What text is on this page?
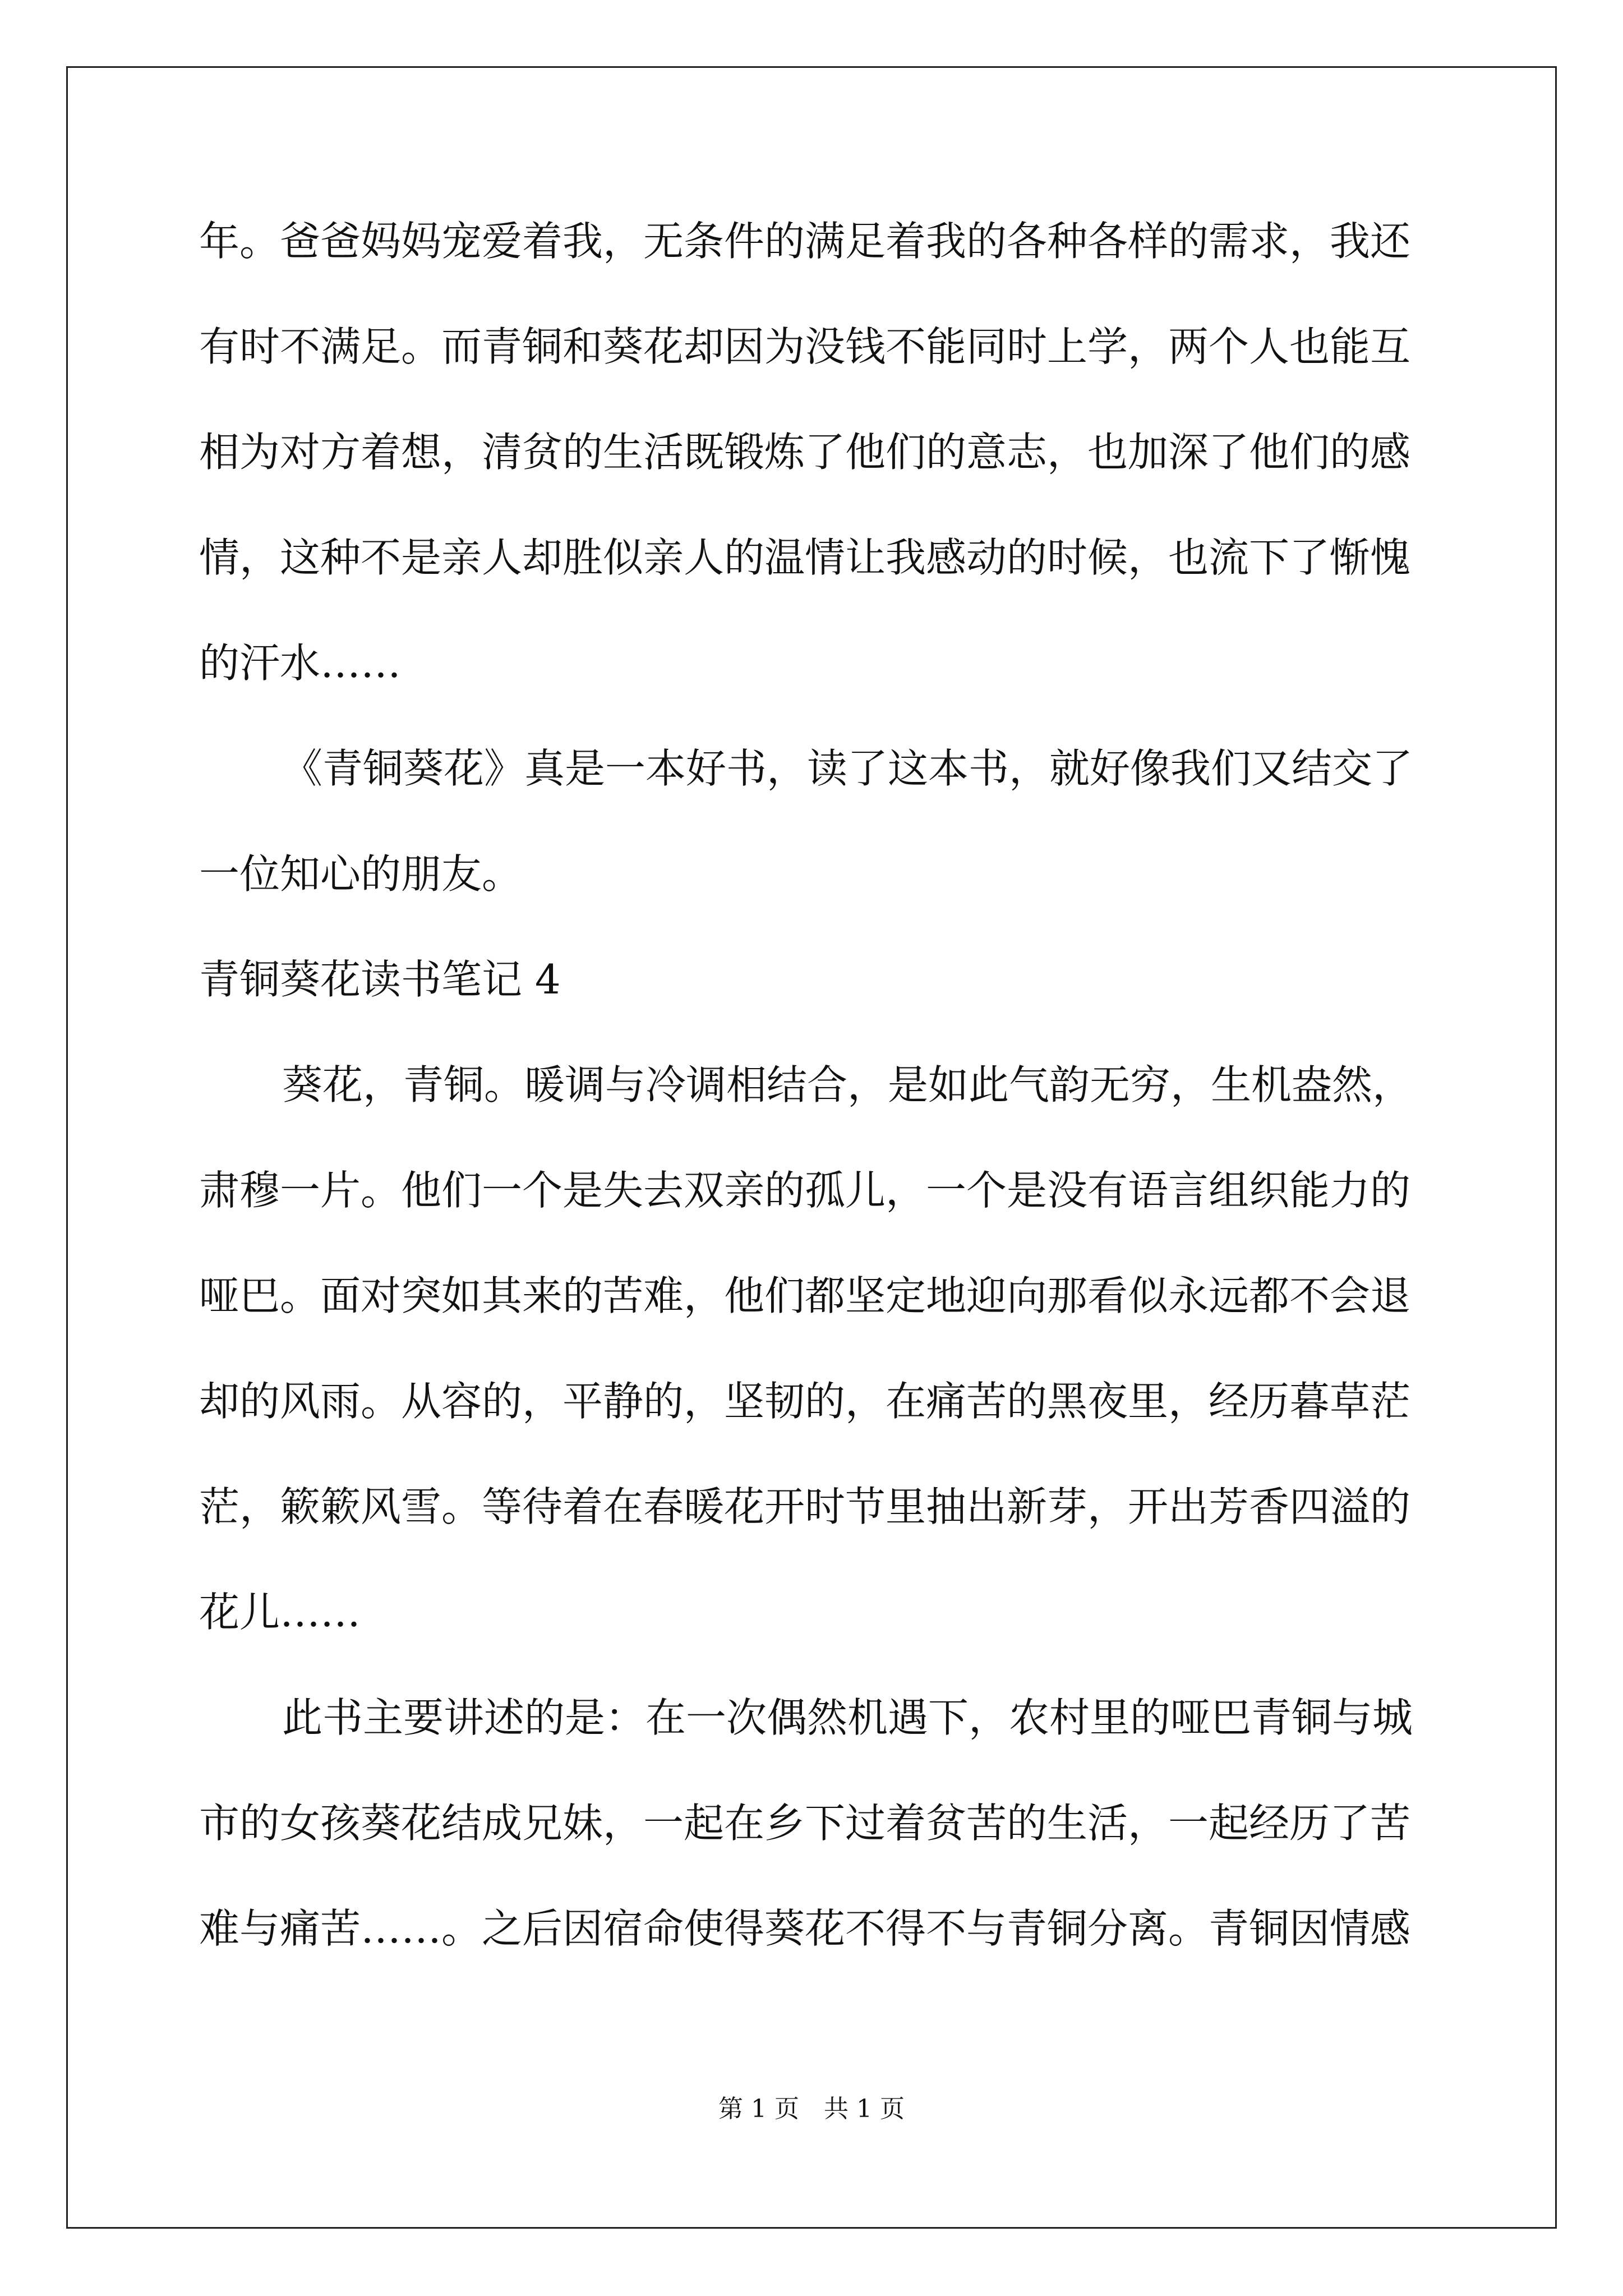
年。爸爸妈妈宠爱着我，无条件的满足着我的各种各样的需求，我还
有时不满足。而青铜和葵花却因为没钱不能同时上学，两个人也能互
相为对方着想，清贫的生活既锻炼了他们的意志，也加深了他们的感
情，这种不是亲人却胜似亲人的温情让我感动的时候，也流下了惭愧
的汗水……
《青铜葵花》真是一本好书，读了这本书，就好像我们又结交了
一位知心的朋友。
青铜葵花读书笔记 4
葵花，青铜。暖调与冷调相结合，是如此气韵无穷，生机盎然，
肃穆一片。他们一个是失去双亲的孤儿，一个是没有语言组织能力的
哑巴。面对突如其来的苦难，他们都坚定地迎向那看似永远都不会退
却的风雨。从容的，平静的，坚韧的，在痛苦的黑夜里，经历暮草茫
茫，簌簌风雪。等待着在春暖花开时节里抽出新芽，开出芳香四溢的
花儿……
此书主要讲述的是：在一次偶然机遇下，农村里的哑巴青铜与城
市的女孩葵花结成兄妹，一起在乡下过着贫苦的生活，一起经历了苦
难与痛苦……。之后因宿命使得葵花不得不与青铜分离。青铜因情感
第 1 页　共 1 页
